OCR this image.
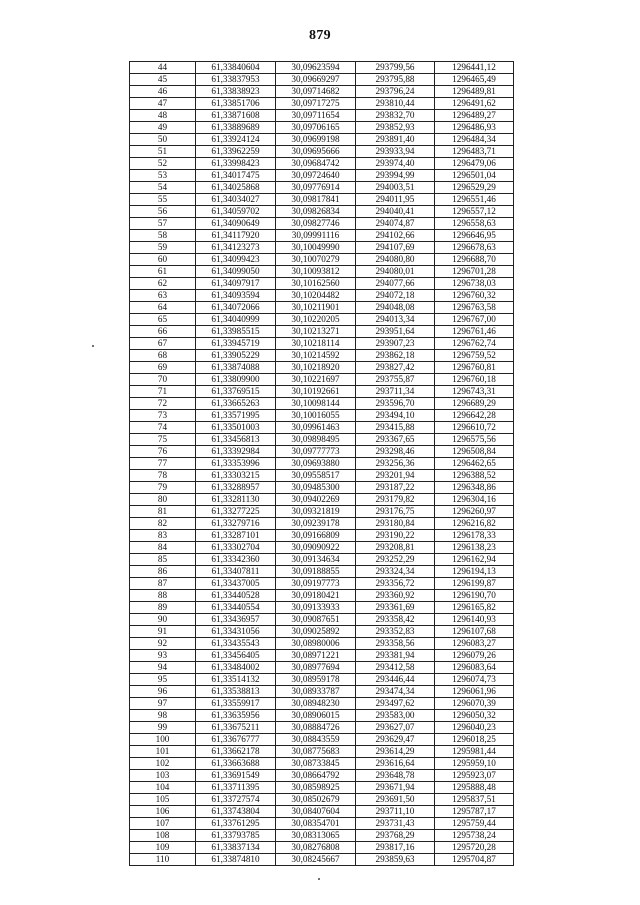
879
44	61,33840604	30,09623594	293799,56	1296441,12
45	61,33837953	30,09669297	293795,88	1296465,49
46	61,33838923	30,09714682	293796,24	1296489,81
47	61,33851706	30,09717275	293810,44	1296491,62
48	61,33871608	30,09711654	293832,70	1296489,27
49	61,33889689	30,09706165	293852,93	1296486,93
50	61,33924124	30,09699198	293891,40	1296484,34
51	61,33962259	30,09695666	293933,94	1296483,71
52	61,33998423	30,09684742	293974,40	1296479,06
53	61,34017475	30,09724640	293994,99	1296501,04
54	61,34025868	30,09776914	294003,51	1296529,29
55	61,34034027	30,09817841	294011,95	1296551,46
56	61,34059702	30,09826834	294040,41	1296557,12
57	61,34090649	30,09827746	294074,87	1296558,63
58	61,34117920	30,09991116	294102,66	1296646,95
59	61,34123273	30,10049990	294107,69	1296678,63
60	61,34099423	30,10070279	294080,80	1296688,70
61	61,34099050	30,10093812	294080,01	1296701,28
62	61,34097917	30,10162560	294077,66	1296738,03
63	61,34093594	30,10204482	294072,18	1296760,32
64	61,34072066	30,10211901	294048,08	1296763,58
65	61,34040999	30,10220205	294013,34	1296767,00
66	61,33985515	30,10213271	293951,64	1296761,46
67	61,33945719	30,10218114	293907,23	1296762,74
68	61,33905229	30,10214592	293862,18	1296759,52
69	61,33874088	30,10218920	293827,42	1296760,81
70	61,33809900	30,10221697	293755,87	1296760,18
71	61,33769515	30,10192661	293711,34	1296743,31
72	61,33665263	30,10098144	293596,70	1296689,29
73	61,33571995	30,10016055	293494,10	1296642,28
74	61,33501003	30,09961463	293415,88	1296610,72
75	61,33456813	30,09898495	293367,65	1296575,56
76	61,33392984	30,09777773	293298,46	1296508,84
77	61,33353996	30,09693880	293256,36	1296462,65
78	61,33303215	30,09558517	293201,94	1296388,52
79	61,33288957	30,09485300	293187,22	1296348,86
80	61,33281130	30,09402269	293179,82	1296304,16
81	61,33277225	30,09321819	293176,75	1296260,97
82	61,33279716	30,09239178	293180,84	1296216,82
83	61,33287101	30,09166809	293190,22	1296178,33
84	61,33302704	30,09090922	293208,81	1296138,23
85	61,33342360	30,09134634	293252,29	1296162,94
86	61,33407811	30,09188855	293324,34	1296194,13
87	61,33437005	30,09197773	293356,72	1296199,87
88	61,33440528	30,09180421	293360,92	1296190,70
89	61,33440554	30,09133933	293361,69	1296165,82
90	61,33436957	30,09087651	293358,42	1296140,93
91	61,33431056	30,09025892	293352,83	1296107,68
92	61,33435543	30,08980006	293358,56	1296083,27
93	61,33456405	30,08971221	293381,94	1296079,26
94	61,33484002	30,08977694	293412,58	1296083,64
95	61,33514132	30,08959178	293446,44	1296074,73
96	61,33538813	30,08933787	293474,34	1296061,96
97	61,33559917	30,08948230	293497,62	1296070,39
98	61,33635956	30,08906015	293583,00	1296050,32
99	61,33675211	30,08884726	293627,07	1296040,23
100	61,33676777	30,08843559	293629,47	1296018,25
101	61,33662178	30,08775683	293614,29	1295981,44
102	61,33663688	30,08733845	293616,64	1295959,10
103	61,33691549	30,08664792	293648,78	1295923,07
104	61,33711395	30,08598925	293671,94	1295888,48
105	61,33727574	30,08502679	293691,50	1295837,51
106	61,33743804	30,08407604	293711,10	1295787,17
107	61,33761295	30,08354701	293731,43	1295759,44
108	61,33793785	30,08313065	293768,29	1295738,24
109	61,33837134	30,08276808	293817,16	1295720,28
110	61,33874810	30,08245667	293859,63	1295704,87
